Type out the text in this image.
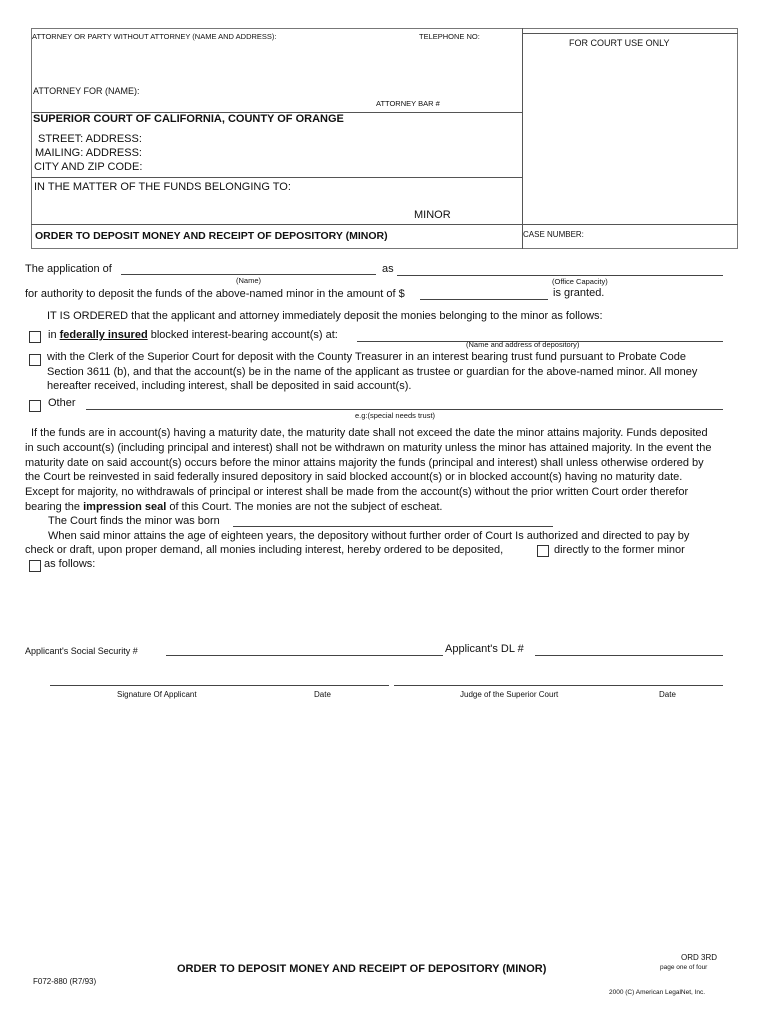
ATTORNEY OR PARTY WITHOUT ATTORNEY (NAME AND ADDRESS):	TELEPHONE NO:
FOR COURT USE ONLY
ATTORNEY FOR (NAME):
ATTORNEY BAR #
SUPERIOR COURT OF CALIFORNIA, COUNTY OF ORANGE
STREET: ADDRESS:
MAILING: ADDRESS:
CITY AND ZIP CODE:
IN THE MATTER OF THE FUNDS BELONGING TO:
MINOR
ORDER TO DEPOSIT MONEY AND RECEIPT OF DEPOSITORY (MINOR)	CASE NUMBER:
The application of	as
(Name)	(Office Capacity)
for authority to deposit the funds of the above-named minor in the amount of $	is granted.
IT IS ORDERED that the applicant and attorney immediately deposit the monies belonging to the minor as follows:
in federally insured blocked interest-bearing account(s) at:
(Name and address of depository)
with the Clerk of the Superior Court for deposit with the County Treasurer in an interest bearing trust fund pursuant to Probate Code
Section 3611 (b), and that the account(s) be in the name of the applicant as trustee or guardian for the above-named minor. All money
hereafter received, including interest, shall be deposited in said account(s).
Other
e.g:(special needs trust)

If the funds are in account(s) having a maturity date, the maturity date shall not exceed the date the minor attains majority. Funds deposited

in such account(s) (including principal and interest) shall not be withdrawn on maturity unless the minor has attained majority. In the event the

maturity date on said account(s) occurs before the minor attains majority the funds (principal and interest) shall unless otherwise ordered by

the Court be reinvested in said federally insured depository in said blocked account(s) or in blocked account(s) having no maturity date.

Except for majority, no withdrawals of principal or interest shall be made from the account(s) without the prior written Court order therefor

bearing the impression seal of this Court. The monies are not the subject of escheat.

The Court finds the minor was born
When said minor attains the age of eighteen years, the depository without further order of Court Is authorized and directed to pay by
check or draft, upon proper demand, all monies including interest, hereby ordered to be deposited,	directly to the former minor
as follows:
Applicant's Social Security #	Applicant's DL #
Signature Of Applicant	Date	Judge of the Superior Court	Date
ORD 3RD
page one of four
ORDER TO DEPOSIT MONEY AND RECEIPT OF DEPOSITORY (MINOR)
F072-880 (R7/93)
2000 (C) American LegalNet, Inc.
